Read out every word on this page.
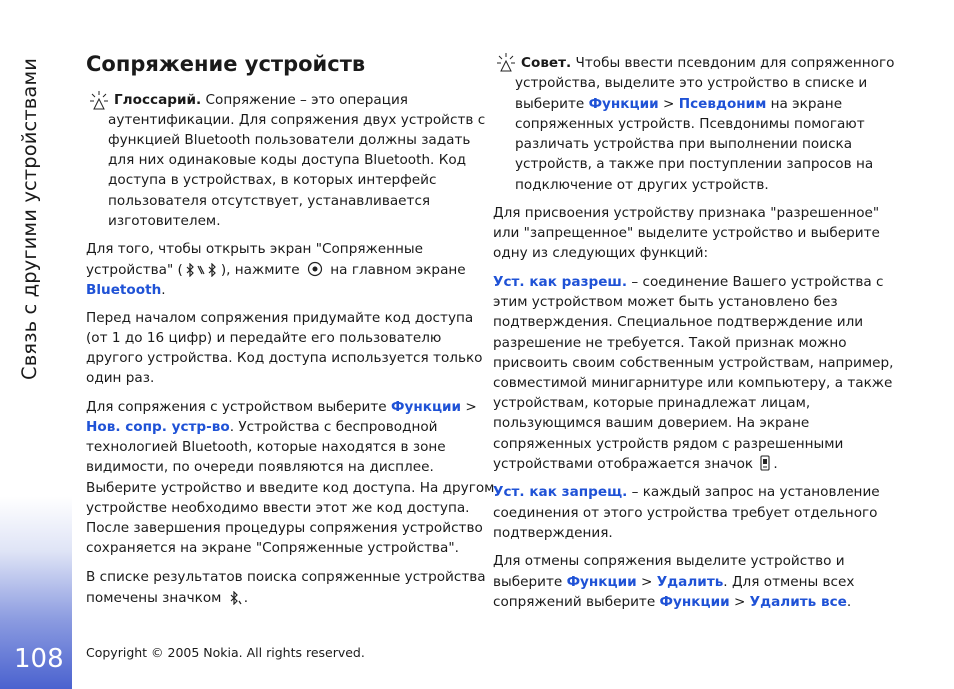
Связь с другими устройствами
108
Сопряжение устройств
Глоссарий. Сопряжение – это операция
аутентификации. Для сопряжения двух устройств с
функцией Bluetooth пользователи должны задать
для них одинаковые коды доступа Bluetooth. Код
доступа в устройствах, в которых интерфейс
пользователя отсутствует, устанавливается
изготовителем.
Для того, чтобы открыть экран "Сопряженные
устройства" (	), нажмите  на главном экране
Bluetooth.
Перед началом сопряжения придумайте код доступа
(от 1 до 16 цифр) и передайте его пользователю
другого устройства. Код доступа используется только
один раз.
Для сопряжения с устройством выберите Функции >
Нов. сопр. устр-во. Устройства с беспроводной
технологией Bluetooth, которые находятся в зоне
видимости, по очереди появляются на дисплее.
Выберите устройство и введите код доступа. На другом
устройстве необходимо ввести этот же код доступа.
После завершения процедуры сопряжения устройство
сохраняется на экране "Сопряженные устройства".
В списке результатов поиска сопряженные устройства
помечены значком .
Совет. Чтобы ввести псевдоним для сопряженного
устройства, выделите это устройство в списке и
выберите Функции > Псевдоним на экране
сопряженных устройств. Псевдонимы помогают
различать устройства при выполнении поиска
устройств, а также при поступлении запросов на
подключение от других устройств.
Для присвоения устройству признака "разрешенное"
или "запрещенное" выделите устройство и выберите
одну из следующих функций:
Уст. как разреш. – соединение Вашего устройства с
этим устройством может быть установлено без
подтверждения. Специальное подтверждение или
разрешение не требуется. Такой признак можно
присвоить своим собственным устройствам, например,
совместимой минигарнитуре или компьютеру, а также
устройствам, которые принадлежат лицам,
пользующимся вашим доверием. На экране
сопряженных устройств рядом с разрешенными
устройствами отображается значок .
Уст. как запрещ. – каждый запрос на установление
соединения от этого устройства требует отдельного
подтверждения.
Для отмены сопряжения выделите устройство и
выберите Функции > Удалить. Для отмены всех
сопряжений выберите Функции > Удалить все.
Copyright © 2005 Nokia. All rights reserved.
